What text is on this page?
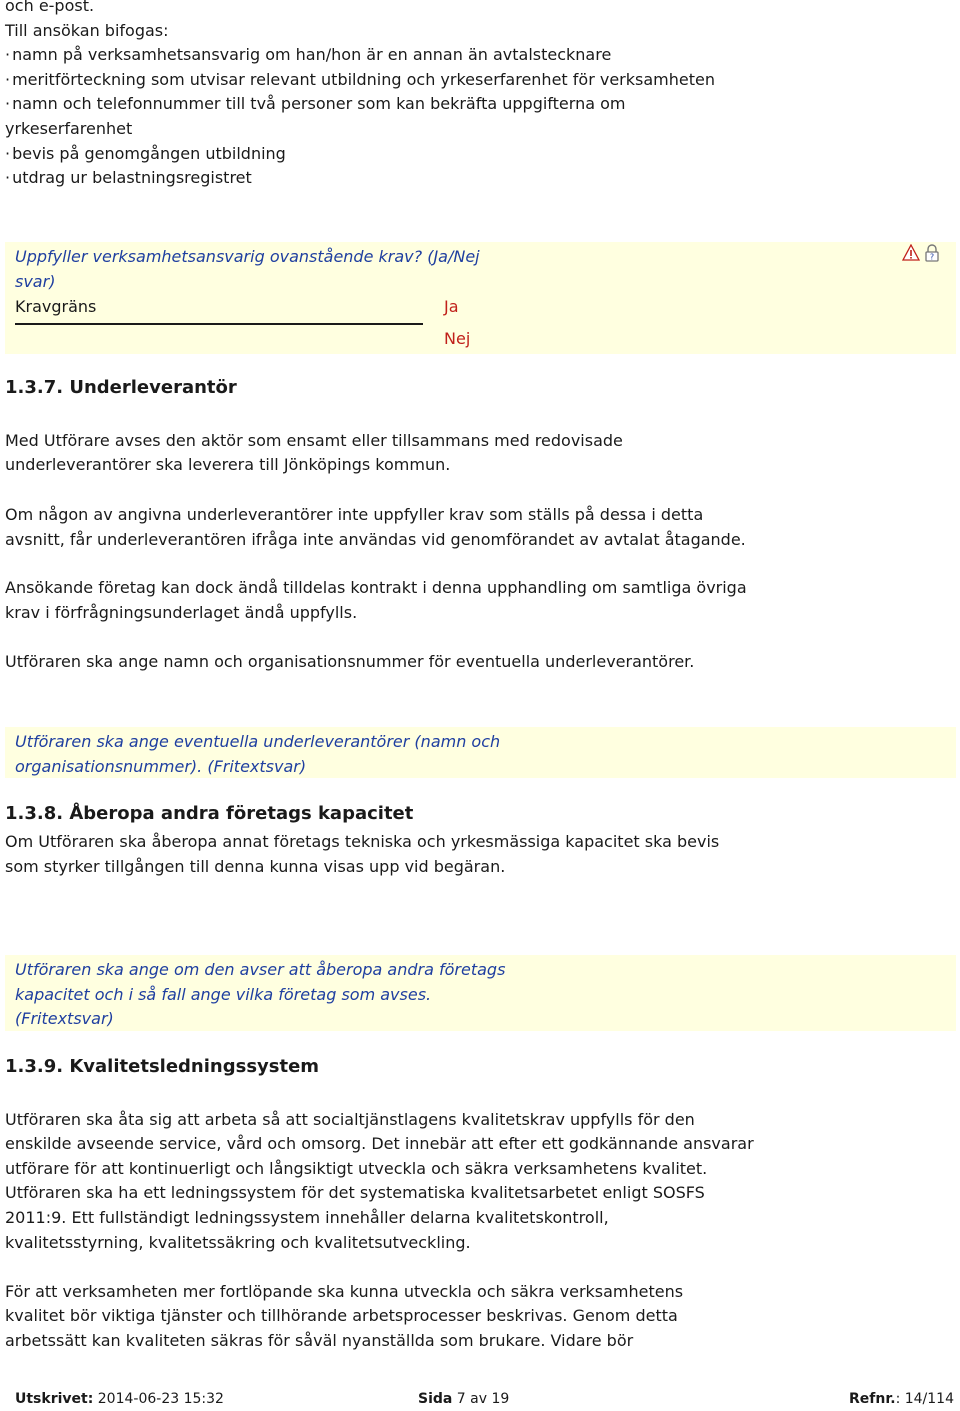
och e-post.
Till ansökan bifogas:
· namn på verksamhetsansvarig om han/hon är en annan än avtalstecknare
· meritförteckning som utvisar relevant utbildning och yrkeserfarenhet för verksamheten
· namn och telefonnummer till två personer som kan bekräfta uppgifterna om
yrkeserfarenhet
· bevis på genomgången utbildning
· utdrag ur belastningsregistret
Uppfyller verksamhetsansvarig ovanstående krav? (Ja/Nej
svar)
Kravgräns	Ja
Nej
?
1.3.7. Underleverantör
Med Utförare avses den aktör som ensamt eller tillsammans med redovisade
underleverantörer ska leverera till Jönköpings kommun.
Om någon av angivna underleverantörer inte uppfyller krav som ställs på dessa i detta
avsnitt, får underleverantören ifråga inte användas vid genomförandet av avtalat åtagande.
Ansökande företag kan dock ändå tilldelas kontrakt i denna upphandling om samtliga övriga
krav i förfrågningsunderlaget ändå uppfylls.
Utföraren ska ange namn och organisationsnummer för eventuella underleverantörer.
Utföraren ska ange eventuella underleverantörer (namn och
organisationsnummer). (Fritextsvar)
1.3.8. Åberopa andra företags kapacitet
Om Utföraren ska åberopa annat företags tekniska och yrkesmässiga kapacitet ska bevis
som styrker tillgången till denna kunna visas upp vid begäran.
Utföraren ska ange om den avser att åberopa andra företags
kapacitet och i så fall ange vilka företag som avses.
(Fritextsvar)
1.3.9. Kvalitetsledningssystem
Utföraren ska åta sig att arbeta så att socialtjänstlagens kvalitetskrav uppfylls för den
enskilde avseende service, vård och omsorg. Det innebär att efter ett godkännande ansvarar
utförare för att kontinuerligt och långsiktigt utveckla och säkra verksamhetens kvalitet.
Utföraren ska ha ett ledningssystem för det systematiska kvalitetsarbetet enligt SOSFS
2011:9. Ett fullständigt ledningssystem innehåller delarna kvalitetskontroll,
kvalitetsstyrning, kvalitetssäkring och kvalitetsutveckling.
För att verksamheten mer fortlöpande ska kunna utveckla och säkra verksamhetens
kvalitet bör viktiga tjänster och tillhörande arbetsprocesser beskrivas. Genom detta
arbetssätt kan kvaliteten säkras för såväl nyanställda som brukare. Vidare bör
Utskrivet: 2014-06-23 15:32	Sida 7 av 19	Refnr.: 14/114
